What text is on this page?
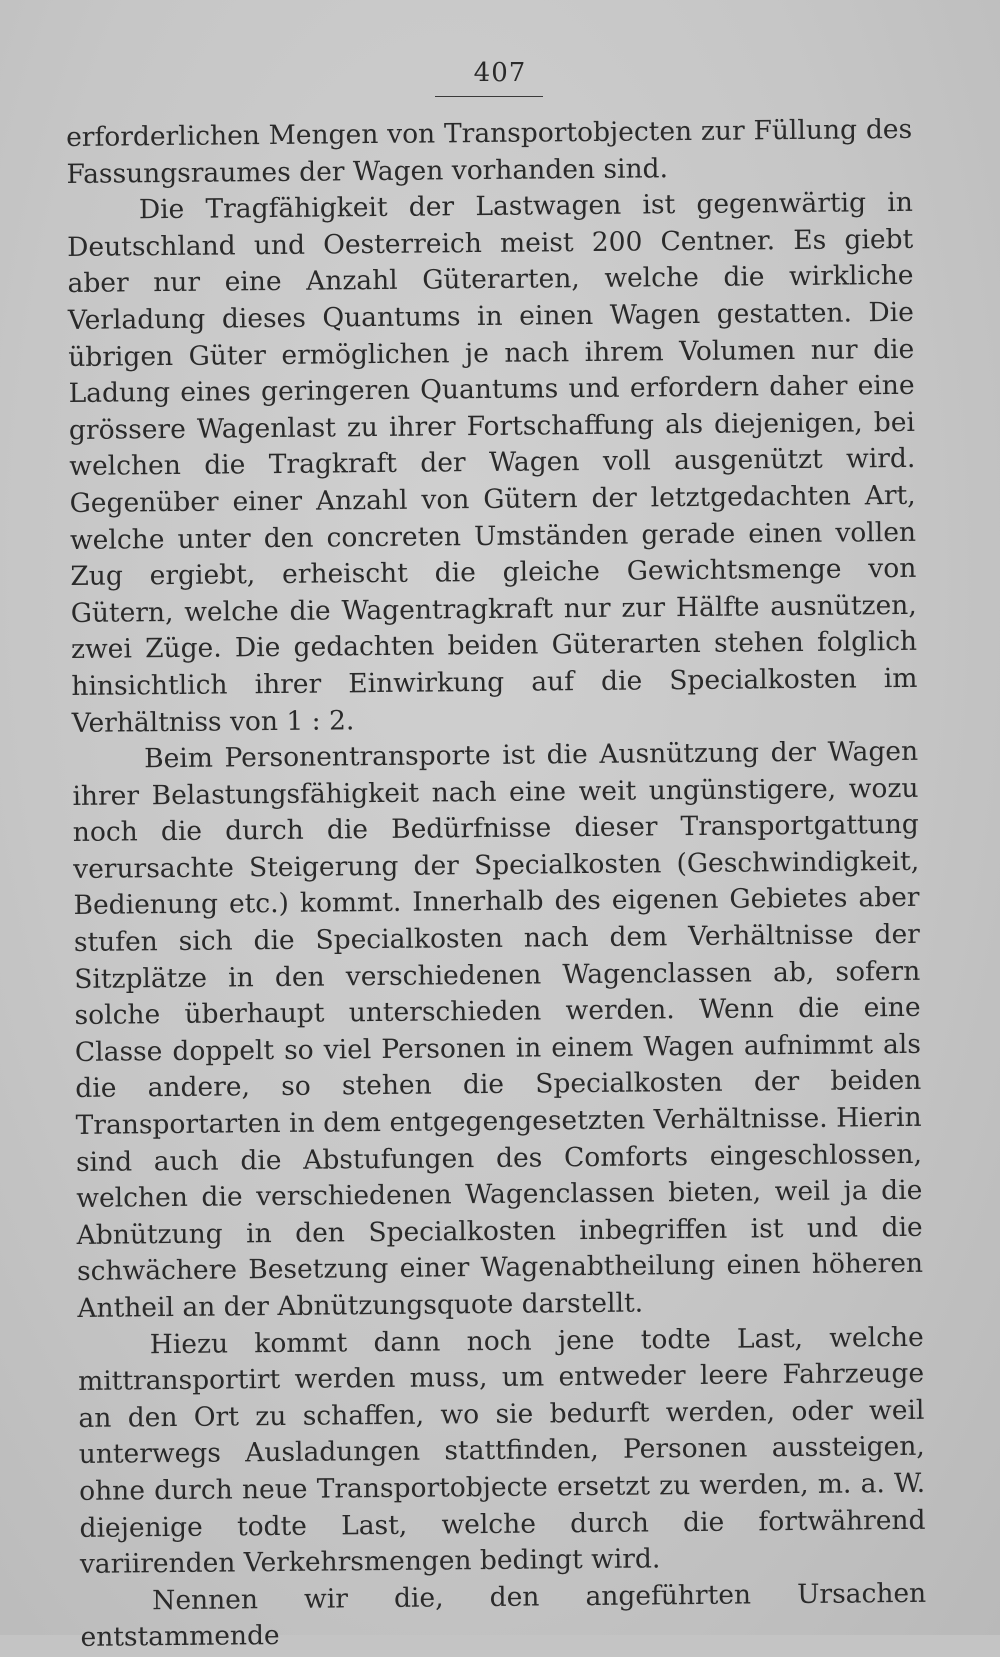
407

erforderlichen Mengen von Transportobjecten zur Füllung des Fassungsraumes der Wagen vorhanden sind.

Die Tragfähigkeit der Lastwagen ist gegenwärtig in Deutschland und Oesterreich meist 200 Centner. Es giebt aber nur eine Anzahl Güterarten, welche die wirkliche Verladung dieses Quantums in einen Wagen gestatten. Die übrigen Güter ermöglichen je nach ihrem Volumen nur die Ladung eines geringeren Quantums und erfordern daher eine grössere Wagenlast zu ihrer Fortschaffung als diejenigen, bei welchen die Tragkraft der Wagen voll ausgenützt wird. Gegenüber einer Anzahl von Gütern der letztgedachten Art, welche unter den concreten Umständen gerade einen vollen Zug ergiebt, erheischt die gleiche Gewichtsmenge von Gütern, welche die Wagentragkraft nur zur Hälfte ausnützen, zwei Züge. Die gedachten beiden Güterarten stehen folglich hinsichtlich ihrer Einwirkung auf die Specialkosten im Verhältniss von 1 : 2.

Beim Personentransporte ist die Ausnützung der Wagen ihrer Belastungsfähigkeit nach eine weit ungünstigere, wozu noch die durch die Bedürfnisse dieser Transportgattung verursachte Steigerung der Specialkosten (Geschwindigkeit, Bedienung etc.) kommt. Innerhalb des eigenen Gebietes aber stufen sich die Specialkosten nach dem Verhältnisse der Sitzplätze in den verschiedenen Wagenclassen ab, sofern solche überhaupt unterschieden werden. Wenn die eine Classe doppelt so viel Personen in einem Wagen aufnimmt als die andere, so stehen die Specialkosten der beiden Transportarten in dem entgegengesetzten Verhältnisse. Hierin sind auch die Abstufungen des Comforts eingeschlossen, welchen die verschiedenen Wagenclassen bieten, weil ja die Abnützung in den Specialkosten inbegriffen ist und die schwächere Besetzung einer Wagenabtheilung einen höheren Antheil an der Abnützungsquote darstellt.

Hiezu kommt dann noch jene todte Last, welche mittransportirt werden muss, um entweder leere Fahrzeuge an den Ort zu schaffen, wo sie bedurft werden, oder weil unterwegs Ausladungen stattfinden, Personen aussteigen, ohne durch neue Transportobjecte ersetzt zu werden, m. a. W. diejenige todte Last, welche durch die fortwährend variirenden Verkehrsmengen bedingt wird.

Nennen wir die, den angeführten Ursachen entstammende
